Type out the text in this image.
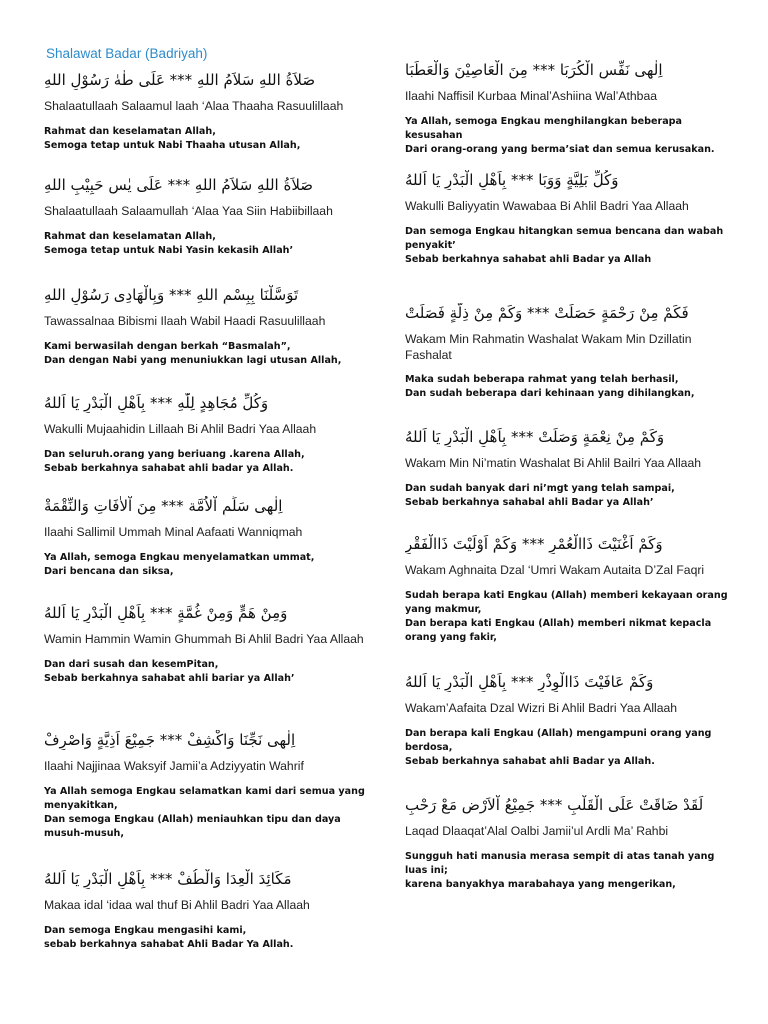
Shalawat Badar (Badriyah)
صَلاَةُ اللهِ سَلاَمُ اللهِ *** عَلَى طٰهٰ رَسُوْلِ اللهِ
Shalaatullaah Salaamul laah ‘Alaa Thaaha Rasuulillaah
Rahmat dan keselamatan Allah,
Semoga tetap untuk Nabi Thaaha utusan Allah,
صَلاَةُ اللهِ سَلاَمُ اللهِ *** عَلَى يٰس حَبِيْبِ اللهِ
Shalaatullaah Salaamullah ‘Alaa Yaa Siin Habiibillaah
Rahmat dan keselamatan Allah,
Semoga tetap untuk Nabi Yasin kekasih Allah’
تَوَسَّلْنَا بِبِسْمِ اللهِ *** وَبِالْهَادِى رَسُوْلِ اللهِ
Tawassalnaa Bibismi Ilaah Wabil Haadi Rasuulillaah
Kami berwasilah dengan berkah “Basmalah”,
Dan dengan Nabi yang menuniukkan lagi utusan Allah,
وَكُلِّ مُجَاهِدٍ لِلّٰهِ *** بِاَهْلِ الْبَدْرِ يَا اَللهُ
Wakulli Mujaahidin Lillaah Bi Ahlil Badri Yaa Allaah
Dan seluruh.orang yang beriuang .karena Allah,
Sebab berkahnya sahabat ahli badar ya Allah.
اِلٰهِى سَلِّمِ اْلاُمَّة *** مِنَ اْلاٰفَاتِ وَالنِّقْمَةْ
Ilaahi Sallimil Ummah Minal Aafaati Wanniqmah
Ya Allah, semoga Engkau menyelamatkan ummat,
Dari bencana dan siksa,
وَمِنْ هَمٍّ وَمِنْ غُمَّةٍ *** بِاَهْلِ الْبَدْرِ يَا اَللهُ
Wamin Hammin Wamin Ghummah Bi Ahlil Badri Yaa Allaah
Dan dari susah dan kesemPitan,
Sebab berkahnya sahabat ahli bariar ya Allah’
اِلٰهِى نَجِّنَا وَاكْشِفْ *** جَمِيْعَ اَذِيَّةٍ وَاصْرِفْ
Ilaahi Najjinaa Waksyif Jamii’a Adziyyatin Wahrif
Ya Allah semoga Engkau selamatkan kami dari semua yang menyakitkan,
Dan semoga Engkau (Allah) meniauhkan tipu dan daya musuh-musuh,
مَكَائِدَ الْعِدَا وَالْطُفْ *** بِاَهْلِ الْبَدْرِ يَا اَللهُ
Makaa idal ‘idaa wal thuf Bi Ahlil Badri Yaa Allaah
Dan semoga Engkau mengasihi kami,
sebab berkahnya sahabat Ahli Badar Ya Allah.
اِلٰهِى نَفِّسِ الْكُرَبَا *** مِنَ الْعَاصِيْنَ وَالْعَطَبَا
Ilaahi Naffisil Kurbaa Minal’Ashiina Wal’Athbaa
Ya Allah, semoga Engkau menghilangkan beberapa kesusahan
Dari orang-orang yang berma’siat dan semua kerusakan.
وَكُلِّ بَلِيَّةٍ وَوَبَا *** بِاَهْلِ الْبَدْرِ يَا اَللهُ
Wakulli Baliyyatin Wawabaa Bi Ahlil Badri Yaa Allaah
Dan semoga Engkau hitangkan semua bencana dan wabah penyakit’
Sebab berkahnya sahabat ahli Badar ya Allah
فَكَمْ مِنْ رَحْمَةٍ حَصَلَتْ *** وَكَمْ مِنْ ذِلَّةٍ فَصَلَتْ
Wakam Min Rahmatin Washalat Wakam Min Dzillatin Fashalat
Maka sudah beberapa rahmat yang telah berhasil,
Dan sudah beberapa dari kehinaan yang dihilangkan,
وَكَمْ مِنْ نِعْمَةٍ وَصَلَتْ *** بِاَهْلِ الْبَدْرِ يَا اَللهُ
Wakam Min Ni’matin Washalat Bi Ahlil Bailri Yaa Allaah
Dan sudah banyak dari ni’mgt yang telah sampai,
Sebab berkahnya sahabal ahli Badar ya Allah’
وَكَمْ اَغْنَيْتَ ذَاالْعُمْرِ *** وَكَمْ اَوْلَيْتَ ذَاالْفَقْرِ
Wakam Aghnaita Dzal ‘Umri Wakam Autaita D’Zal Faqri
Sudah berapa kati Engkau (Allah) memberi kekayaan orang yang makmur,
Dan berapa kati Engkau (Allah) memberi nikmat kepacla orang yang fakir,
وَكَمْ عَافَيْتَ ذَاالْوِذْرِ *** بِاَهْلِ الْبَدْرِ يَا اَللهُ
Wakam’Aafaita Dzal Wizri Bi Ahlil Badri Yaa Allaah
Dan berapa kali Engkau (Allah) mengampuni orang yang berdosa,
Sebab berkahnya sahabat ahli Badar ya Allah.
لَقَدْ ضَاقَتْ عَلَى الْقَلْبِ *** جَمِيْعُ اْلاَرْضِ مَعْ رَحْبِ
Laqad Dlaaqat’Alal Oalbi Jamii’ul Ardli Ma’ Rahbi
Sungguh hati manusia merasa sempit di atas tanah yang luas ini;
karena banyakhya marabahaya yang mengerikan,
